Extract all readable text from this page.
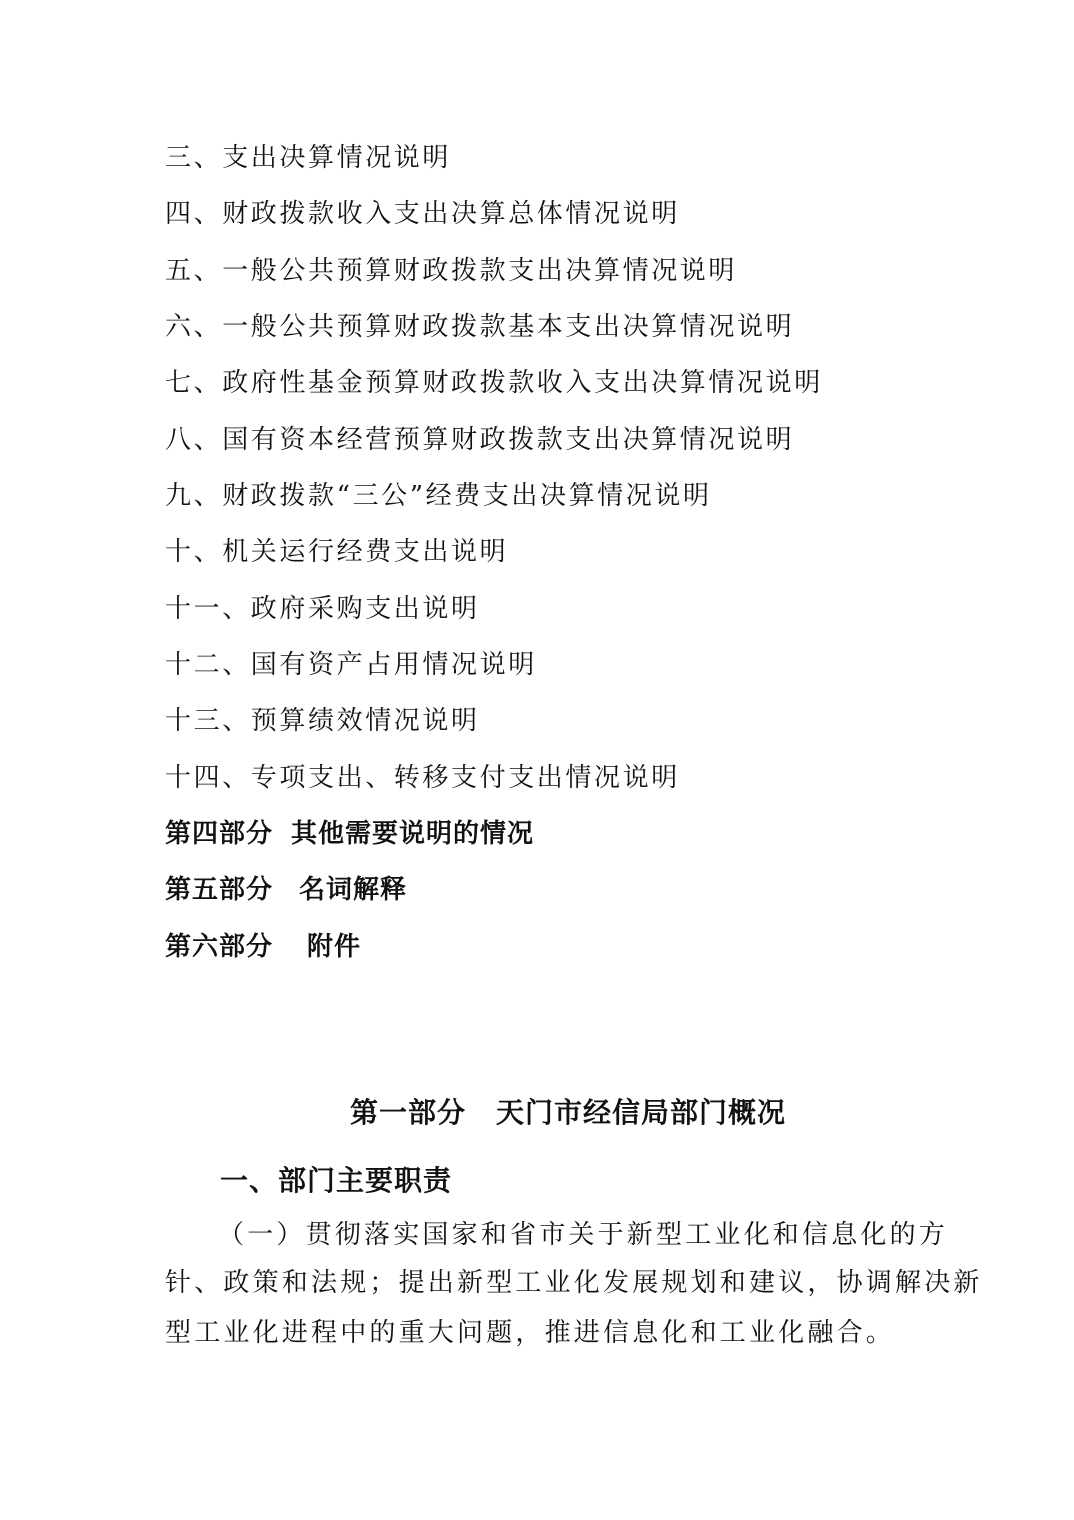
三、支出决算情况说明
四、财政拨款收入支出决算总体情况说明
五、一般公共预算财政拨款支出决算情况说明
六、一般公共预算财政拨款基本支出决算情况说明
七、政府性基金预算财政拨款收入支出决算情况说明
八、国有资本经营预算财政拨款支出决算情况说明
九、财政拨款“三公”经费支出决算情况说明
十、机关运行经费支出说明
十一、政府采购支出说明
十二、国有资产占用情况说明
十三、预算绩效情况说明
十四、专项支出、转移支付支出情况说明
第四部分 其他需要说明的情况
第五部分 名词解释
第六部分 附件
第一部分 天门市经信局部门概况
一、部门主要职责
（一）贯彻落实国家和省市关于新型工业化和信息化的方
针、政策和法规；提出新型工业化发展规划和建议，协调解决新
型工业化进程中的重大问题，推进信息化和工业化融合。
